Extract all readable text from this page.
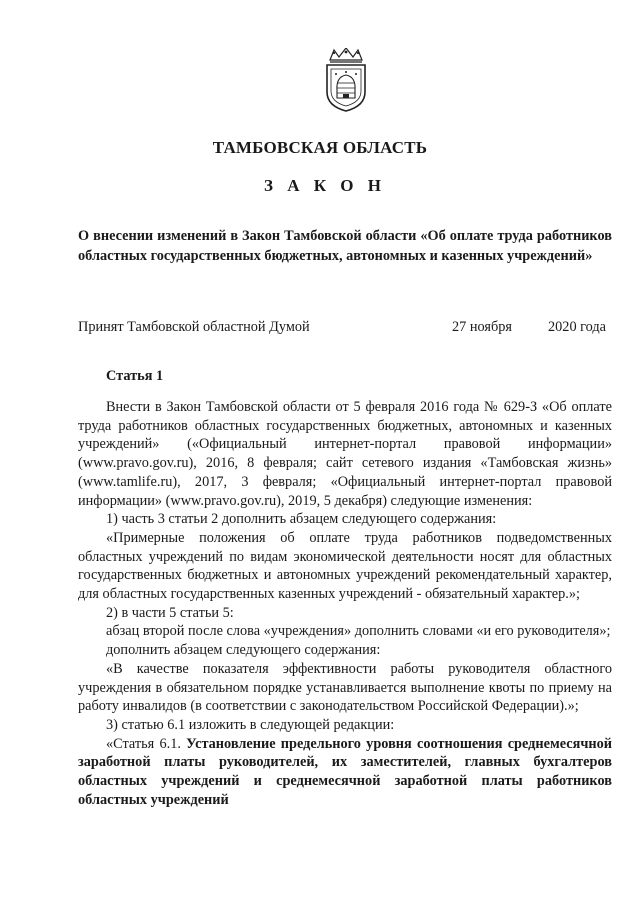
ТАМБОВСКАЯ ОБЛАСТЬ
З А К О Н
О внесении изменений в Закон Тамбовской области «Об оплате труда работников областных государственных бюджетных, автономных и казенных учреждений»
Принят Тамбовской областной Думой	27 ноября	2020 года
Статья 1

Внести в Закон Тамбовской области от 5 февраля 2016 года № 629-З «Об оплате труда работников областных государственных бюджетных, автономных и казенных учреждений» («Официальный интернет-портал правовой информации» (www.pravo.gov.ru), 2016, 8 февраля; сайт сетевого издания «Тамбовская жизнь» (www.tamlife.ru), 2017, 3 февраля; «Официальный интернет-портал правовой информации» (www.pravo.gov.ru), 2019, 5 декабря) следующие изменения:

1) часть 3 статьи 2 дополнить абзацем следующего содержания:

«Примерные положения об оплате труда работников подведомственных областных учреждений по видам экономической деятельности носят для областных государственных бюджетных и автономных учреждений рекомендательный характер, для областных государственных казенных учреждений - обязательный характер.»;

2) в части 5 статьи 5:

абзац второй после слова «учреждения» дополнить словами «и его руководителя»;

дополнить абзацем следующего содержания:

«В качестве показателя эффективности работы руководителя областного учреждения в обязательном порядке устанавливается выполнение квоты по приему на работу инвалидов (в соответствии с законодательством Российской Федерации).»;

3) статью 6.1 изложить в следующей редакции:

«Статья 6.1. Установление предельного уровня соотношения среднемесячной заработной платы руководителей, их заместителей, главных бухгалтеров областных учреждений и среднемесячной заработной платы работников областных учреждений
